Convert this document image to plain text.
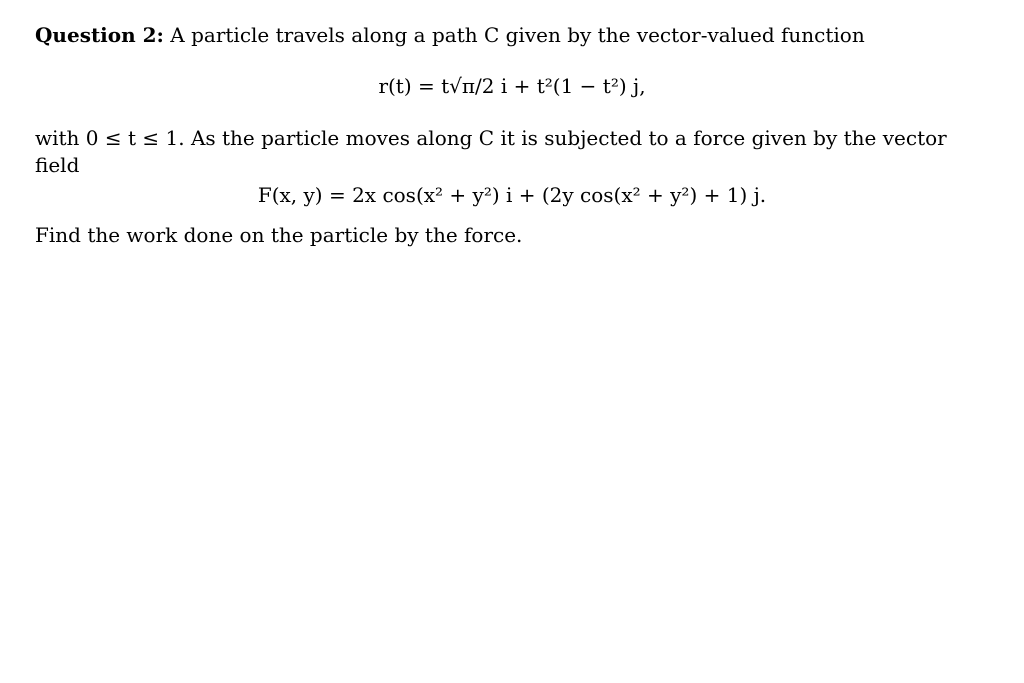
Question 2: A particle travels along a path C given by the vector-valued function
r(t) = t√π/2 i + t²(1 − t²) j,
with 0 ≤ t ≤ 1. As the particle moves along C it is subjected to a force given by the vector
field
F(x, y) = 2x cos(x² + y²) i + (2y cos(x² + y²) + 1) j.
Find the work done on the particle by the force.
